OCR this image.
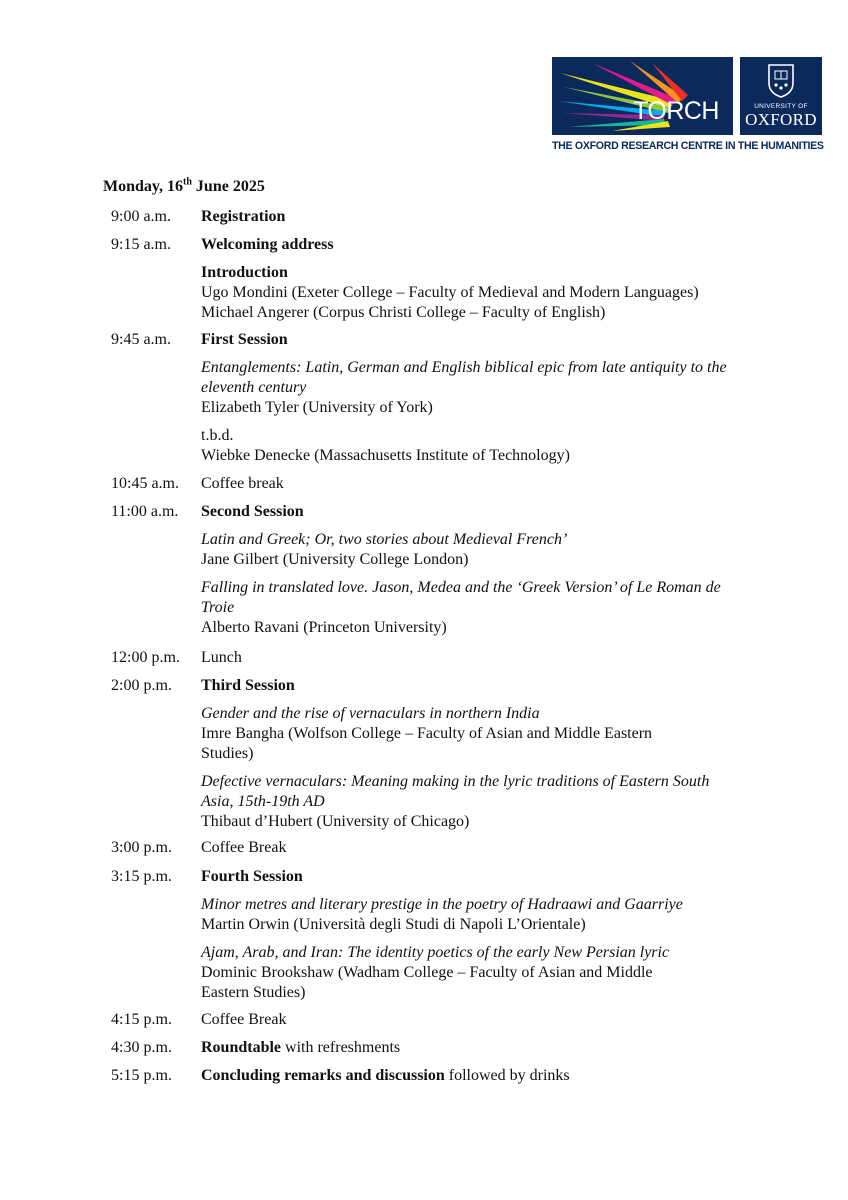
TORCH	UNIVERSITY OF
OXFORD
THE OXFORD RESEARCH CENTRE IN THE HUMANITIES
Monday, 16th June 2025
9:00 a.m. Registration
9:15 a.m. Welcoming address
Introduction
Ugo Mondini (Exeter College – Faculty of Medieval and Modern Languages)
Michael Angerer (Corpus Christi College – Faculty of English)
9:45 a.m. First Session
Entanglements: Latin, German and English biblical epic from late antiquity to the eleventh century
Elizabeth Tyler (University of York)
t.b.d.
Wiebke Denecke (Massachusetts Institute of Technology)
10:45 a.m. Coffee break
11:00 a.m. Second Session
Latin and Greek; Or, two stories about Medieval French’
Jane Gilbert (University College London)
Falling in translated love. Jason, Medea and the ‘Greek Version’ of Le Roman de Troie
Alberto Ravani (Princeton University)
12:00 p.m. Lunch
2:00 p.m. Third Session
Gender and the rise of vernaculars in northern India
Imre Bangha (Wolfson College – Faculty of Asian and Middle Eastern Studies)
Defective vernaculars: Meaning making in the lyric traditions of Eastern South Asia, 15th-19th AD
Thibaut d’Hubert (University of Chicago)
3:00 p.m. Coffee Break
3:15 p.m. Fourth Session
Minor metres and literary prestige in the poetry of Hadraawi and Gaarriye
Martin Orwin (Università degli Studi di Napoli L’Orientale)
Ajam, Arab, and Iran: The identity poetics of the early New Persian lyric
Dominic Brookshaw (Wadham College – Faculty of Asian and Middle Eastern Studies)
4:15 p.m. Coffee Break
4:30 p.m. Roundtable with refreshments
5:15 p.m. Concluding remarks and discussion followed by drinks
